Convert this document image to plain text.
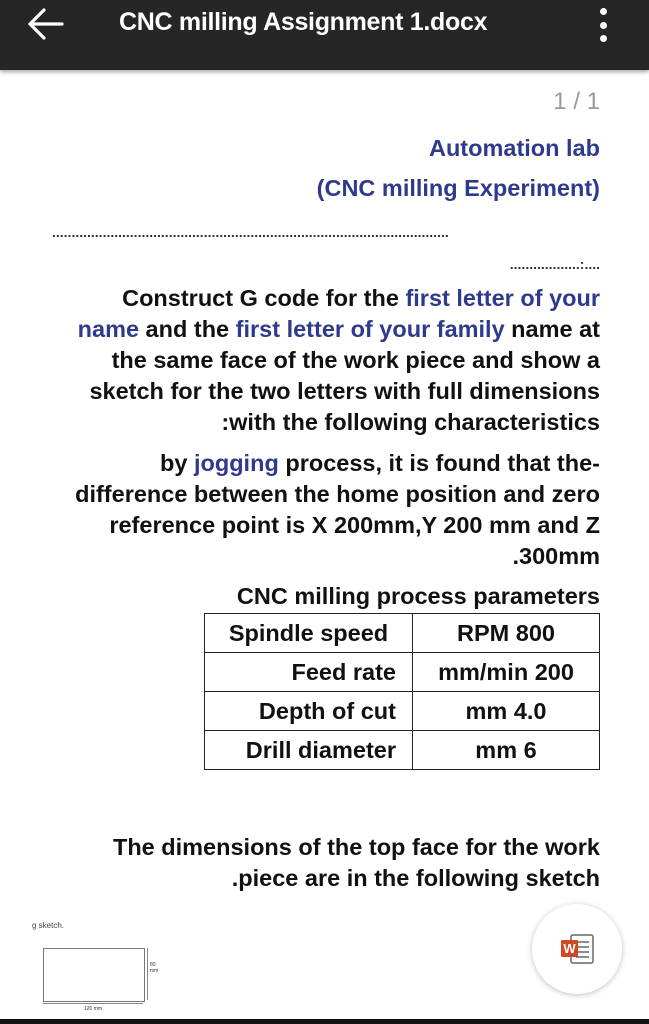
CNC milling Assignment 1.docx
1 / 1
Automation lab
(CNC milling Experiment)
......................................................................................................
..................:....
Construct G code for the first letter of your
name and the first letter of your family name at
the same face of the work piece and show a
sketch for the two letters with full dimensions
:with the following characteristics
by jogging process, it is found that the-
difference between the home position and zero
reference point is X 200mm,Y 200 mm and Z
.300mm
CNC milling process parameters
Spindle speed	RPM 800
Feed rate	mm/min 200
Depth of cut	mm 4.0
Drill diameter	mm 6
The dimensions of the top face for the work
.piece are in the following sketch
g sketch.
80 mm
120 mm
W
